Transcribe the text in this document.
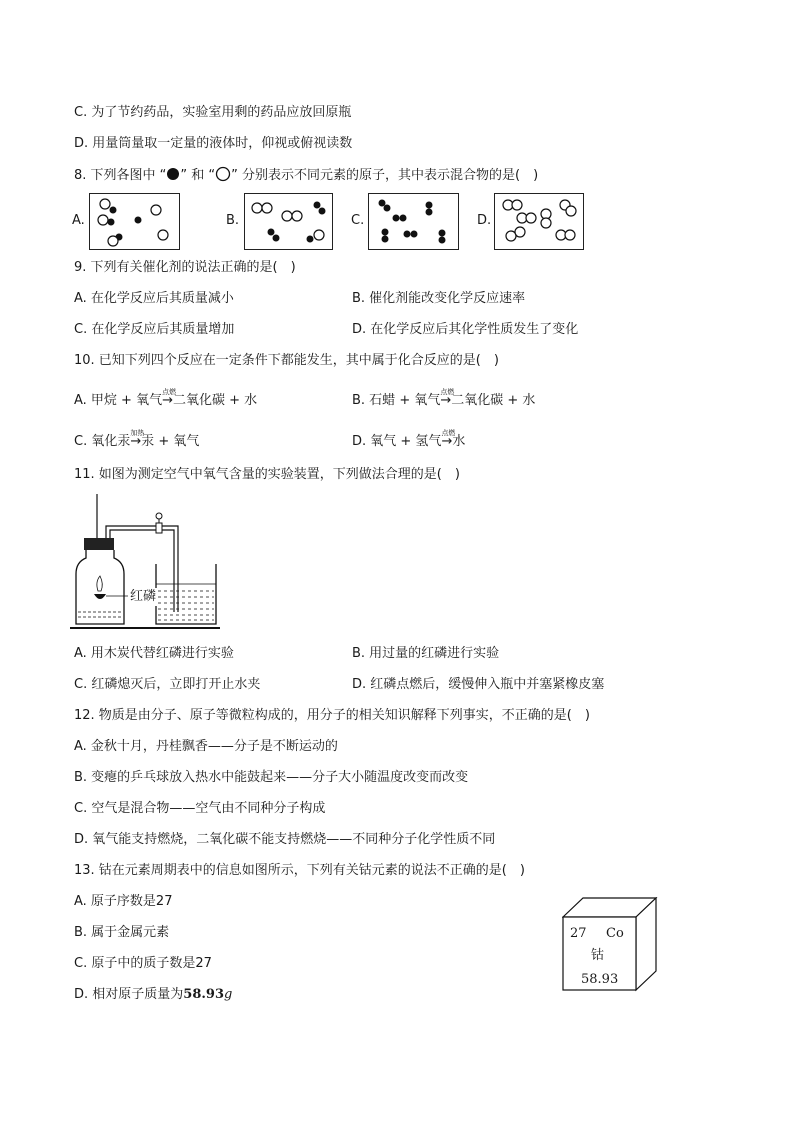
C. 为了节约药品，实验室用剩的药品应放回原瓶
D. 用量筒量取一定量的液体时，仰视或俯视读数
8. 下列各图中 “ ” 和 “ ” 分别表示不同元素的原子，其中表示混合物的是(　)
A.	B.	C.	D.
9. 下列有关催化剂的说法正确的是(　)
A. 在化学反应后其质量减小	B. 催化剂能改变化学反应速率
C. 在化学反应后其质量增加	D. 在化学反应后其化学性质发生了变化
10. 已知下列四个反应在一定条件下都能发生，其中属于化合反应的是(　)
A. 甲烷 + 氧气
点燃
→二氧化碳 + 水	B. 石蜡 + 氧气
点燃
→二氧化碳 + 水
C. 氧化汞
加热
→汞 + 氧气	D. 氧气 + 氢气
点燃
→水
11. 如图为测定空气中氧气含量的实验装置，下列做法合理的是(　)
红磷
A. 用木炭代替红磷进行实验	B. 用过量的红磷进行实验
C. 红磷熄灭后，立即打开止水夹	D. 红磷点燃后，缓慢伸入瓶中并塞紧橡皮塞
12. 物质是由分子、原子等微粒构成的，用分子的相关知识解释下列事实，不正确的是(　)
A. 金秋十月，丹桂飘香——分子是不断运动的
B. 变瘪的乒乓球放入热水中能鼓起来——分子大小随温度改变而改变
C. 空气是混合物——空气由不同种分子构成
D. 氧气能支持燃烧，二氧化碳不能支持燃烧——不同种分子化学性质不同
13. 钴在元素周期表中的信息如图所示，下列有关钴元素的说法不正确的是(　)
A. 原子序数是27
B. 属于金属元素
C. 原子中的质子数是27
D. 相对原子质量为58.93g
27 Co
钴
58.93
